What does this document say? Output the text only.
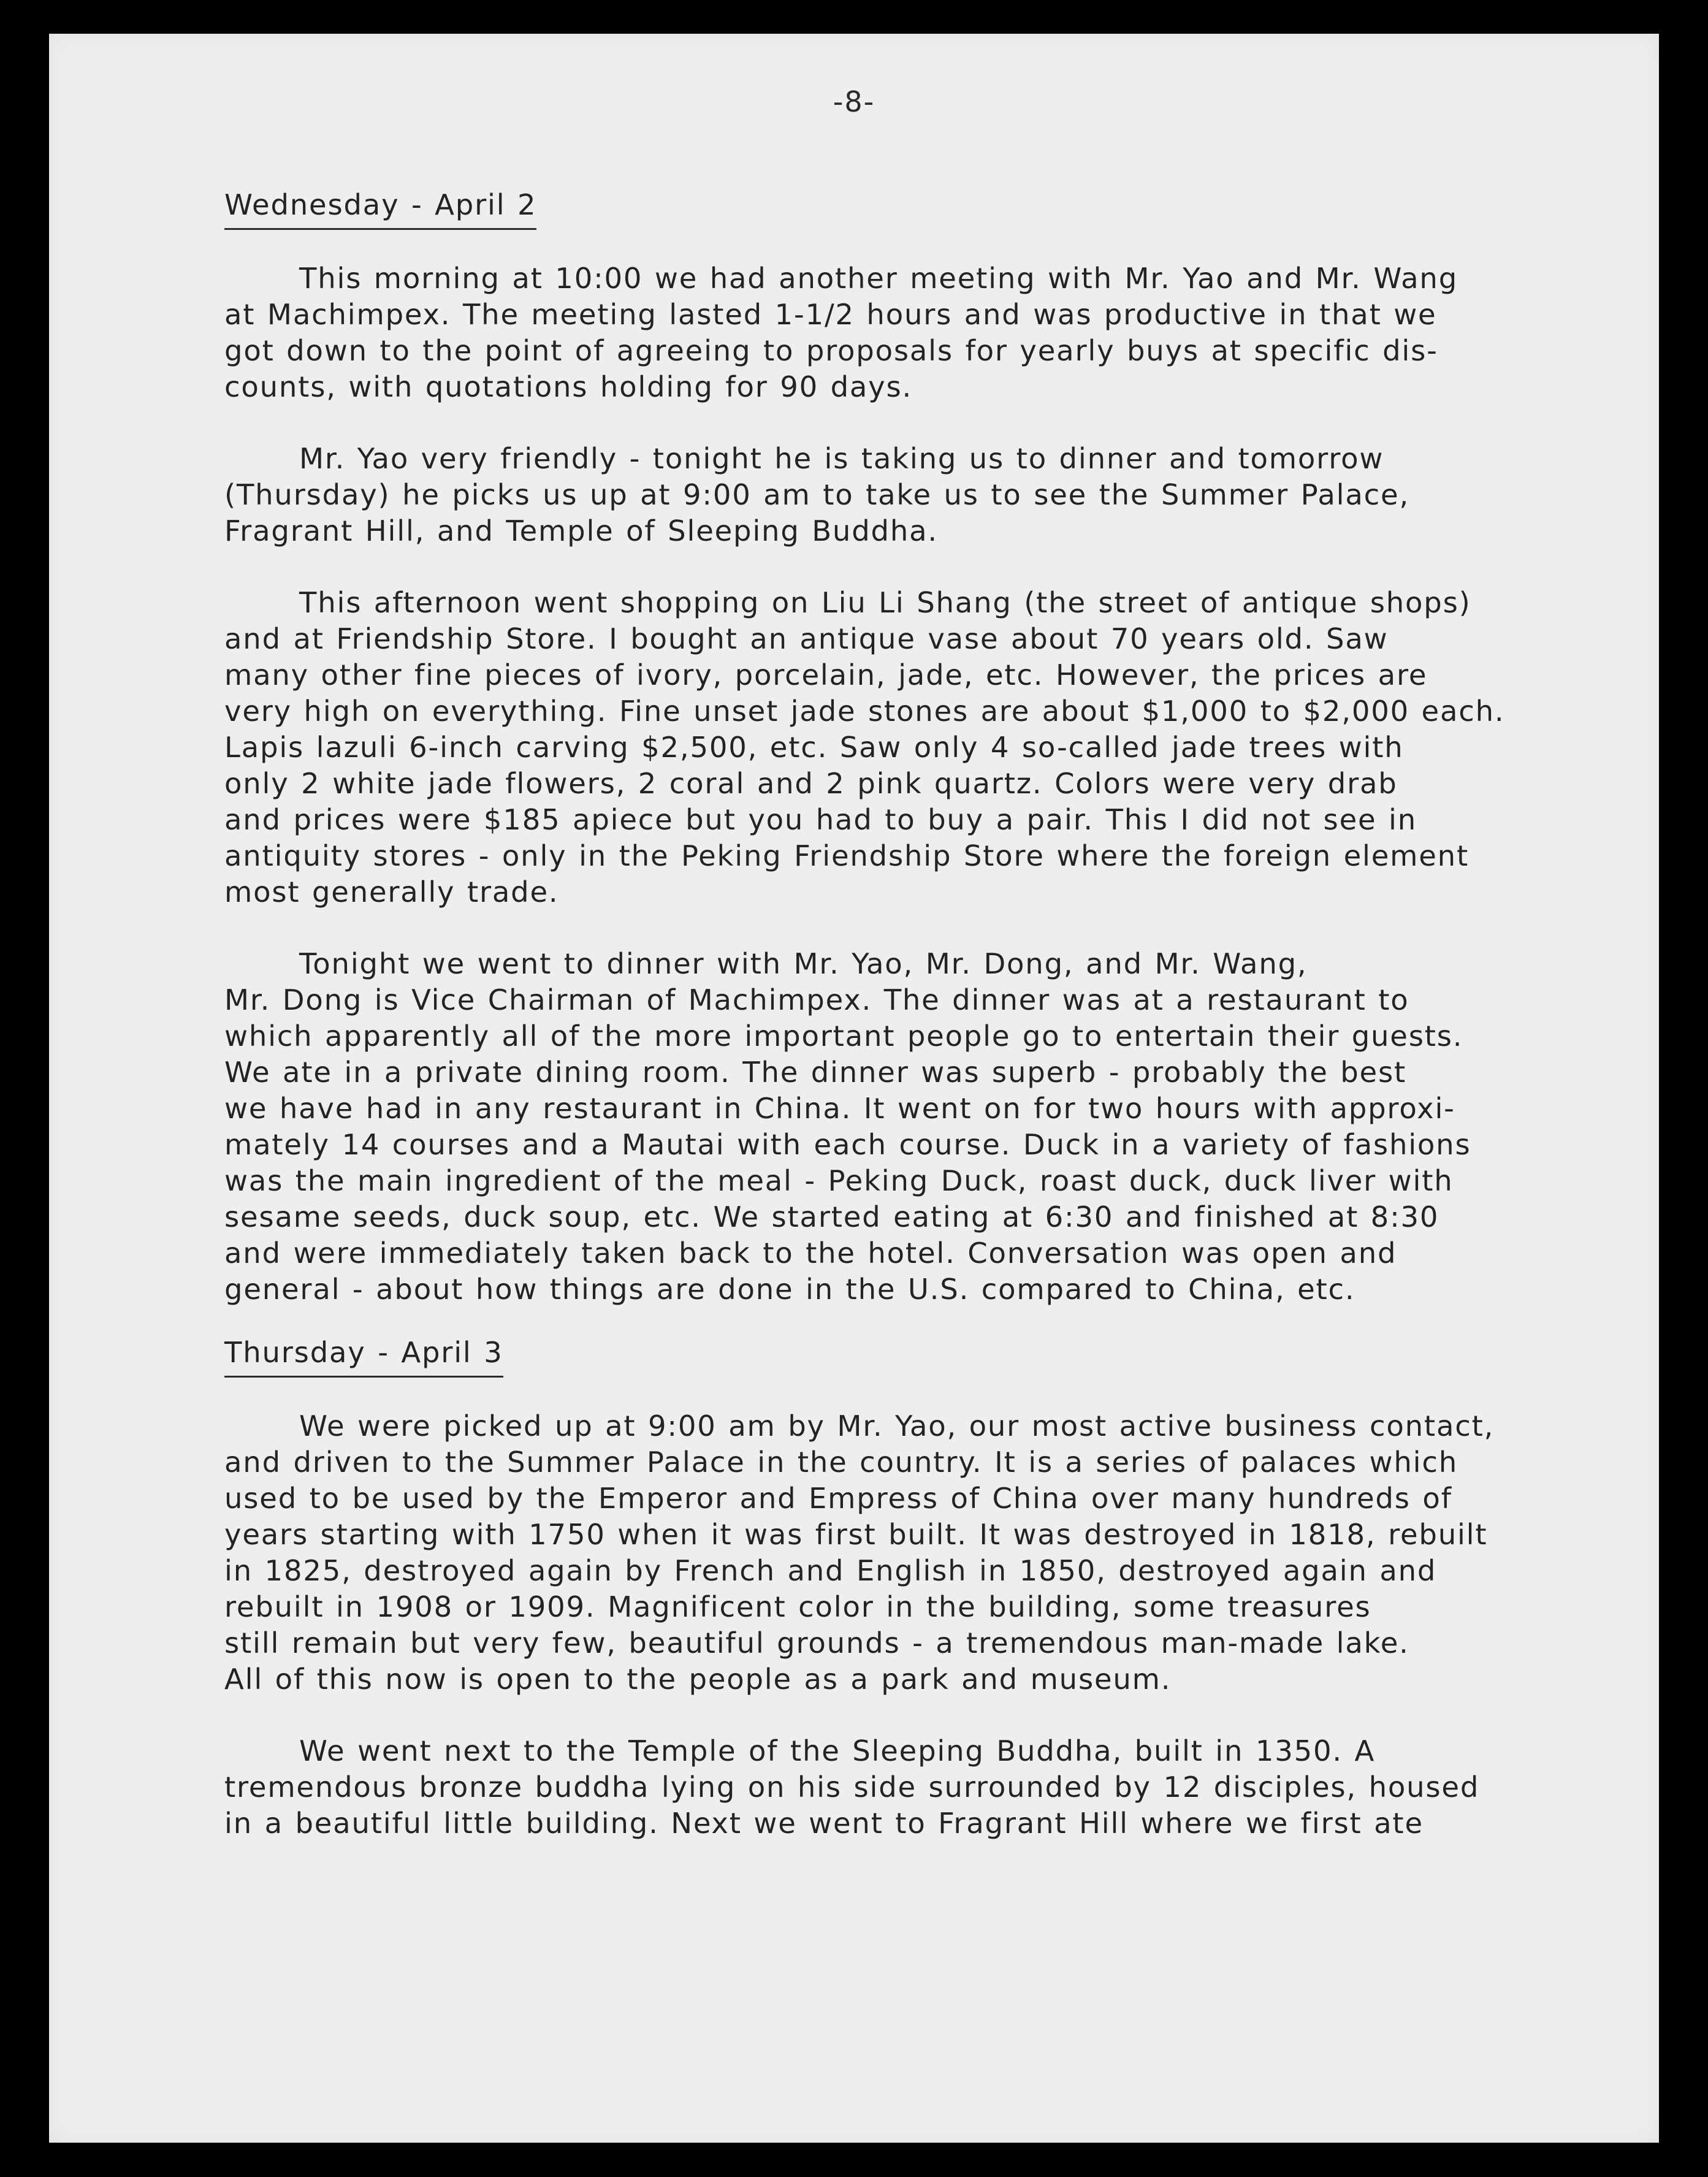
-8-
Wednesday - April 2
This morning at 10:00 we had another meeting with Mr. Yao and Mr. Wang
at Machimpex. The meeting lasted 1-1/2 hours and was productive in that we
got down to the point of agreeing to proposals for yearly buys at specific dis-
counts, with quotations holding for 90 days.
Mr. Yao very friendly - tonight he is taking us to dinner and tomorrow
(Thursday) he picks us up at 9:00 am to take us to see the Summer Palace,
Fragrant Hill, and Temple of Sleeping Buddha.
This afternoon went shopping on Liu Li Shang (the street of antique shops)
and at Friendship Store. I bought an antique vase about 70 years old. Saw
many other fine pieces of ivory, porcelain, jade, etc. However, the prices are
very high on everything. Fine unset jade stones are about $1,000 to $2,000 each.
Lapis lazuli 6-inch carving $2,500, etc. Saw only 4 so-called jade trees with
only 2 white jade flowers, 2 coral and 2 pink quartz. Colors were very drab
and prices were $185 apiece but you had to buy a pair. This I did not see in
antiquity stores - only in the Peking Friendship Store where the foreign element
most generally trade.
Tonight we went to dinner with Mr. Yao, Mr. Dong, and Mr. Wang,
Mr. Dong is Vice Chairman of Machimpex. The dinner was at a restaurant to
which apparently all of the more important people go to entertain their guests.
We ate in a private dining room. The dinner was superb - probably the best
we have had in any restaurant in China. It went on for two hours with approxi-
mately 14 courses and a Mautai with each course. Duck in a variety of fashions
was the main ingredient of the meal - Peking Duck, roast duck, duck liver with
sesame seeds, duck soup, etc. We started eating at 6:30 and finished at 8:30
and were immediately taken back to the hotel. Conversation was open and
general - about how things are done in the U.S. compared to China, etc.
Thursday - April 3
We were picked up at 9:00 am by Mr. Yao, our most active business contact,
and driven to the Summer Palace in the country. It is a series of palaces which
used to be used by the Emperor and Empress of China over many hundreds of
years starting with 1750 when it was first built. It was destroyed in 1818, rebuilt
in 1825, destroyed again by French and English in 1850, destroyed again and
rebuilt in 1908 or 1909. Magnificent color in the building, some treasures
still remain but very few, beautiful grounds - a tremendous man-made lake.
All of this now is open to the people as a park and museum.
We went next to the Temple of the Sleeping Buddha, built in 1350. A
tremendous bronze buddha lying on his side surrounded by 12 disciples, housed
in a beautiful little building. Next we went to Fragrant Hill where we first ate
